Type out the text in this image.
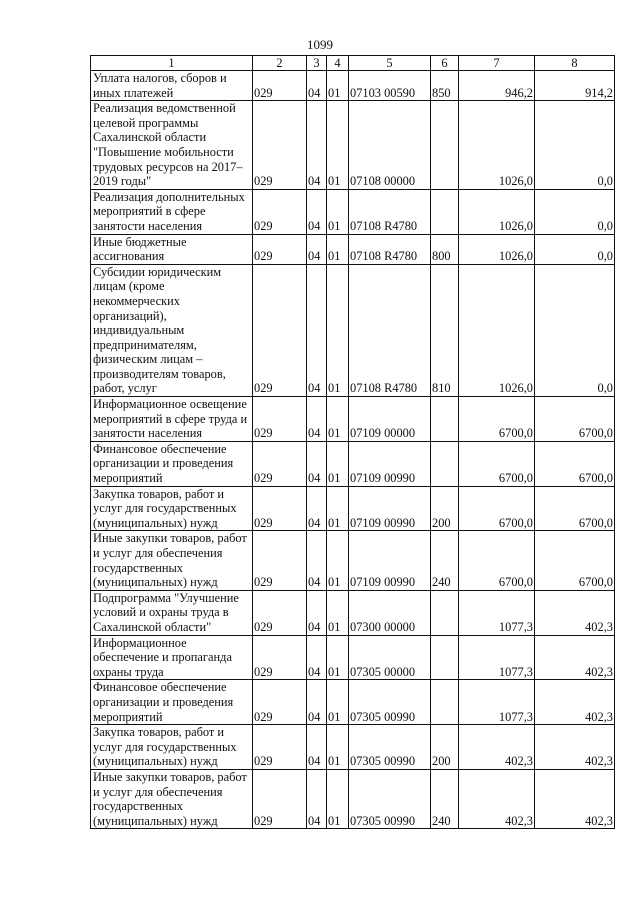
1099
1	2	3	4	5	6	7	8
Уплата налогов, сборов и иных платежей	029	04	01	07103 00590	850	946,2	914,2
Реализация ведомственной целевой программы Сахалинской области "Повышение мобильности трудовых ресурсов на 2017–2019 годы"	029	04	01	07108 00000		1026,0	0,0
Реализация дополнительных мероприятий в сфере занятости населения	029	04	01	07108 R4780		1026,0	0,0
Иные бюджетные ассигнования	029	04	01	07108 R4780	800	1026,0	0,0
Субсидии юридическим лицам (кроме некоммерческих организаций), индивидуальным предпринимателям, физическим лицам – производителям товаров, работ, услуг	029	04	01	07108 R4780	810	1026,0	0,0
Информационное освещение мероприятий в сфере труда и занятости населения	029	04	01	07109 00000		6700,0	6700,0
Финансовое обеспечение организации и проведения мероприятий	029	04	01	07109 00990		6700,0	6700,0
Закупка товаров, работ и услуг для государственных (муниципальных) нужд	029	04	01	07109 00990	200	6700,0	6700,0
Иные закупки товаров, работ и услуг для обеспечения государственных (муниципальных) нужд	029	04	01	07109 00990	240	6700,0	6700,0
Подпрограмма "Улучшение условий и охраны труда в Сахалинской области"	029	04	01	07300 00000		1077,3	402,3
Информационное обеспечение и пропаганда охраны труда	029	04	01	07305 00000		1077,3	402,3
Финансовое обеспечение организации и проведения мероприятий	029	04	01	07305 00990		1077,3	402,3
Закупка товаров, работ и услуг для государственных (муниципальных) нужд	029	04	01	07305 00990	200	402,3	402,3
Иные закупки товаров, работ и услуг для обеспечения государственных (муниципальных) нужд	029	04	01	07305 00990	240	402,3	402,3
